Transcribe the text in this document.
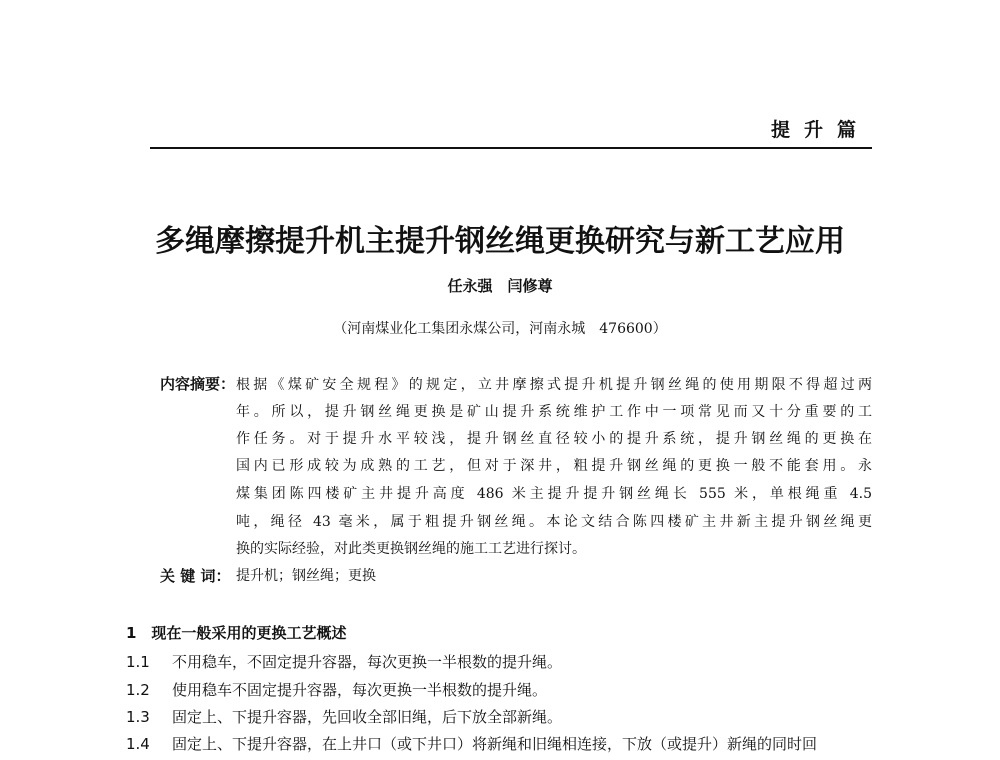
提升篇
多绳摩擦提升机主提升钢丝绳更换研究与新工艺应用
任永强　闫修尊
（河南煤业化工集团永煤公司，河南永城　476600）
内容摘要： 根据《煤矿安全规程》的规定，立井摩擦式提升机提升钢丝绳的使用期限不得超过两
年。所以，提升钢丝绳更换是矿山提升系统维护工作中一项常见而又十分重要的工
作任务。对于提升水平较浅，提升钢丝直径较小的提升系统，提升钢丝绳的更换在
国内已形成较为成熟的工艺，但对于深井，粗提升钢丝绳的更换一般不能套用。永
煤集团陈四楼矿主井提升高度 486 米主提升提升钢丝绳长 555 米，单根绳重 4.5
吨，绳径 43 毫米，属于粗提升钢丝绳。本论文结合陈四楼矿主井新主提升钢丝绳更
换的实际经验，对此类更换钢丝绳的施工工艺进行探讨。
关 键 词： 提升机；钢丝绳；更换
1　现在一般采用的更换工艺概述
1.1 不用稳车，不固定提升容器，每次更换一半根数的提升绳。
1.2 使用稳车不固定提升容器，每次更换一半根数的提升绳。
1.3 固定上、下提升容器，先回收全部旧绳，后下放全部新绳。
1.4 固定上、下提升容器，在上井口（或下井口）将新绳和旧绳相连接，下放（或提升）新绳的同时回
